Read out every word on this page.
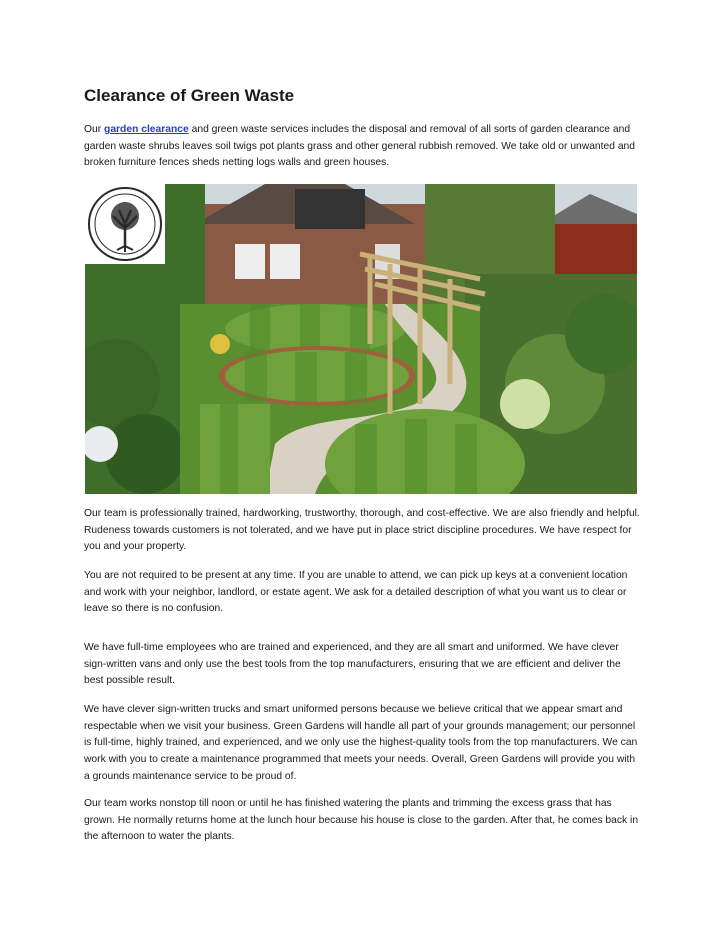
Clearance of Green Waste

Our garden clearance and green waste services includes the disposal and removal of all sorts of garden clearance and garden waste shrubs leaves soil twigs pot plants grass and other general rubbish removed. We take old or unwanted and broken furniture fences sheds netting logs walls and green houses.

Our team is professionally trained, hardworking, trustworthy, thorough, and cost-effective. We are also friendly and helpful. Rudeness towards customers is not tolerated, and we have put in place strict discipline procedures. We have respect for you and your property.

You are not required to be present at any time. If you are unable to attend, we can pick up keys at a convenient location and work with your neighbor, landlord, or estate agent. We ask for a detailed description of what you want us to clear or leave so there is no confusion.

We have full-time employees who are trained and experienced, and they are all smart and uniformed. We have clever sign-written vans and only use the best tools from the top manufacturers, ensuring that we are efficient and deliver the best possible result.

We have clever sign-written trucks and smart uniformed persons because we believe critical that we appear smart and respectable when we visit your business. Green Gardens will handle all part of your grounds management; our personnel is full-time, highly trained, and experienced, and we only use the highest-quality tools from the top manufacturers. We can work with you to create a maintenance programmed that meets your needs. Overall, Green Gardens will provide you with a grounds maintenance service to be proud of.

Our team works nonstop till noon or until he has finished watering the plants and trimming the excess grass that has grown. He normally returns home at the lunch hour because his house is close to the garden. After that, he comes back in the afternoon to water the plants.
